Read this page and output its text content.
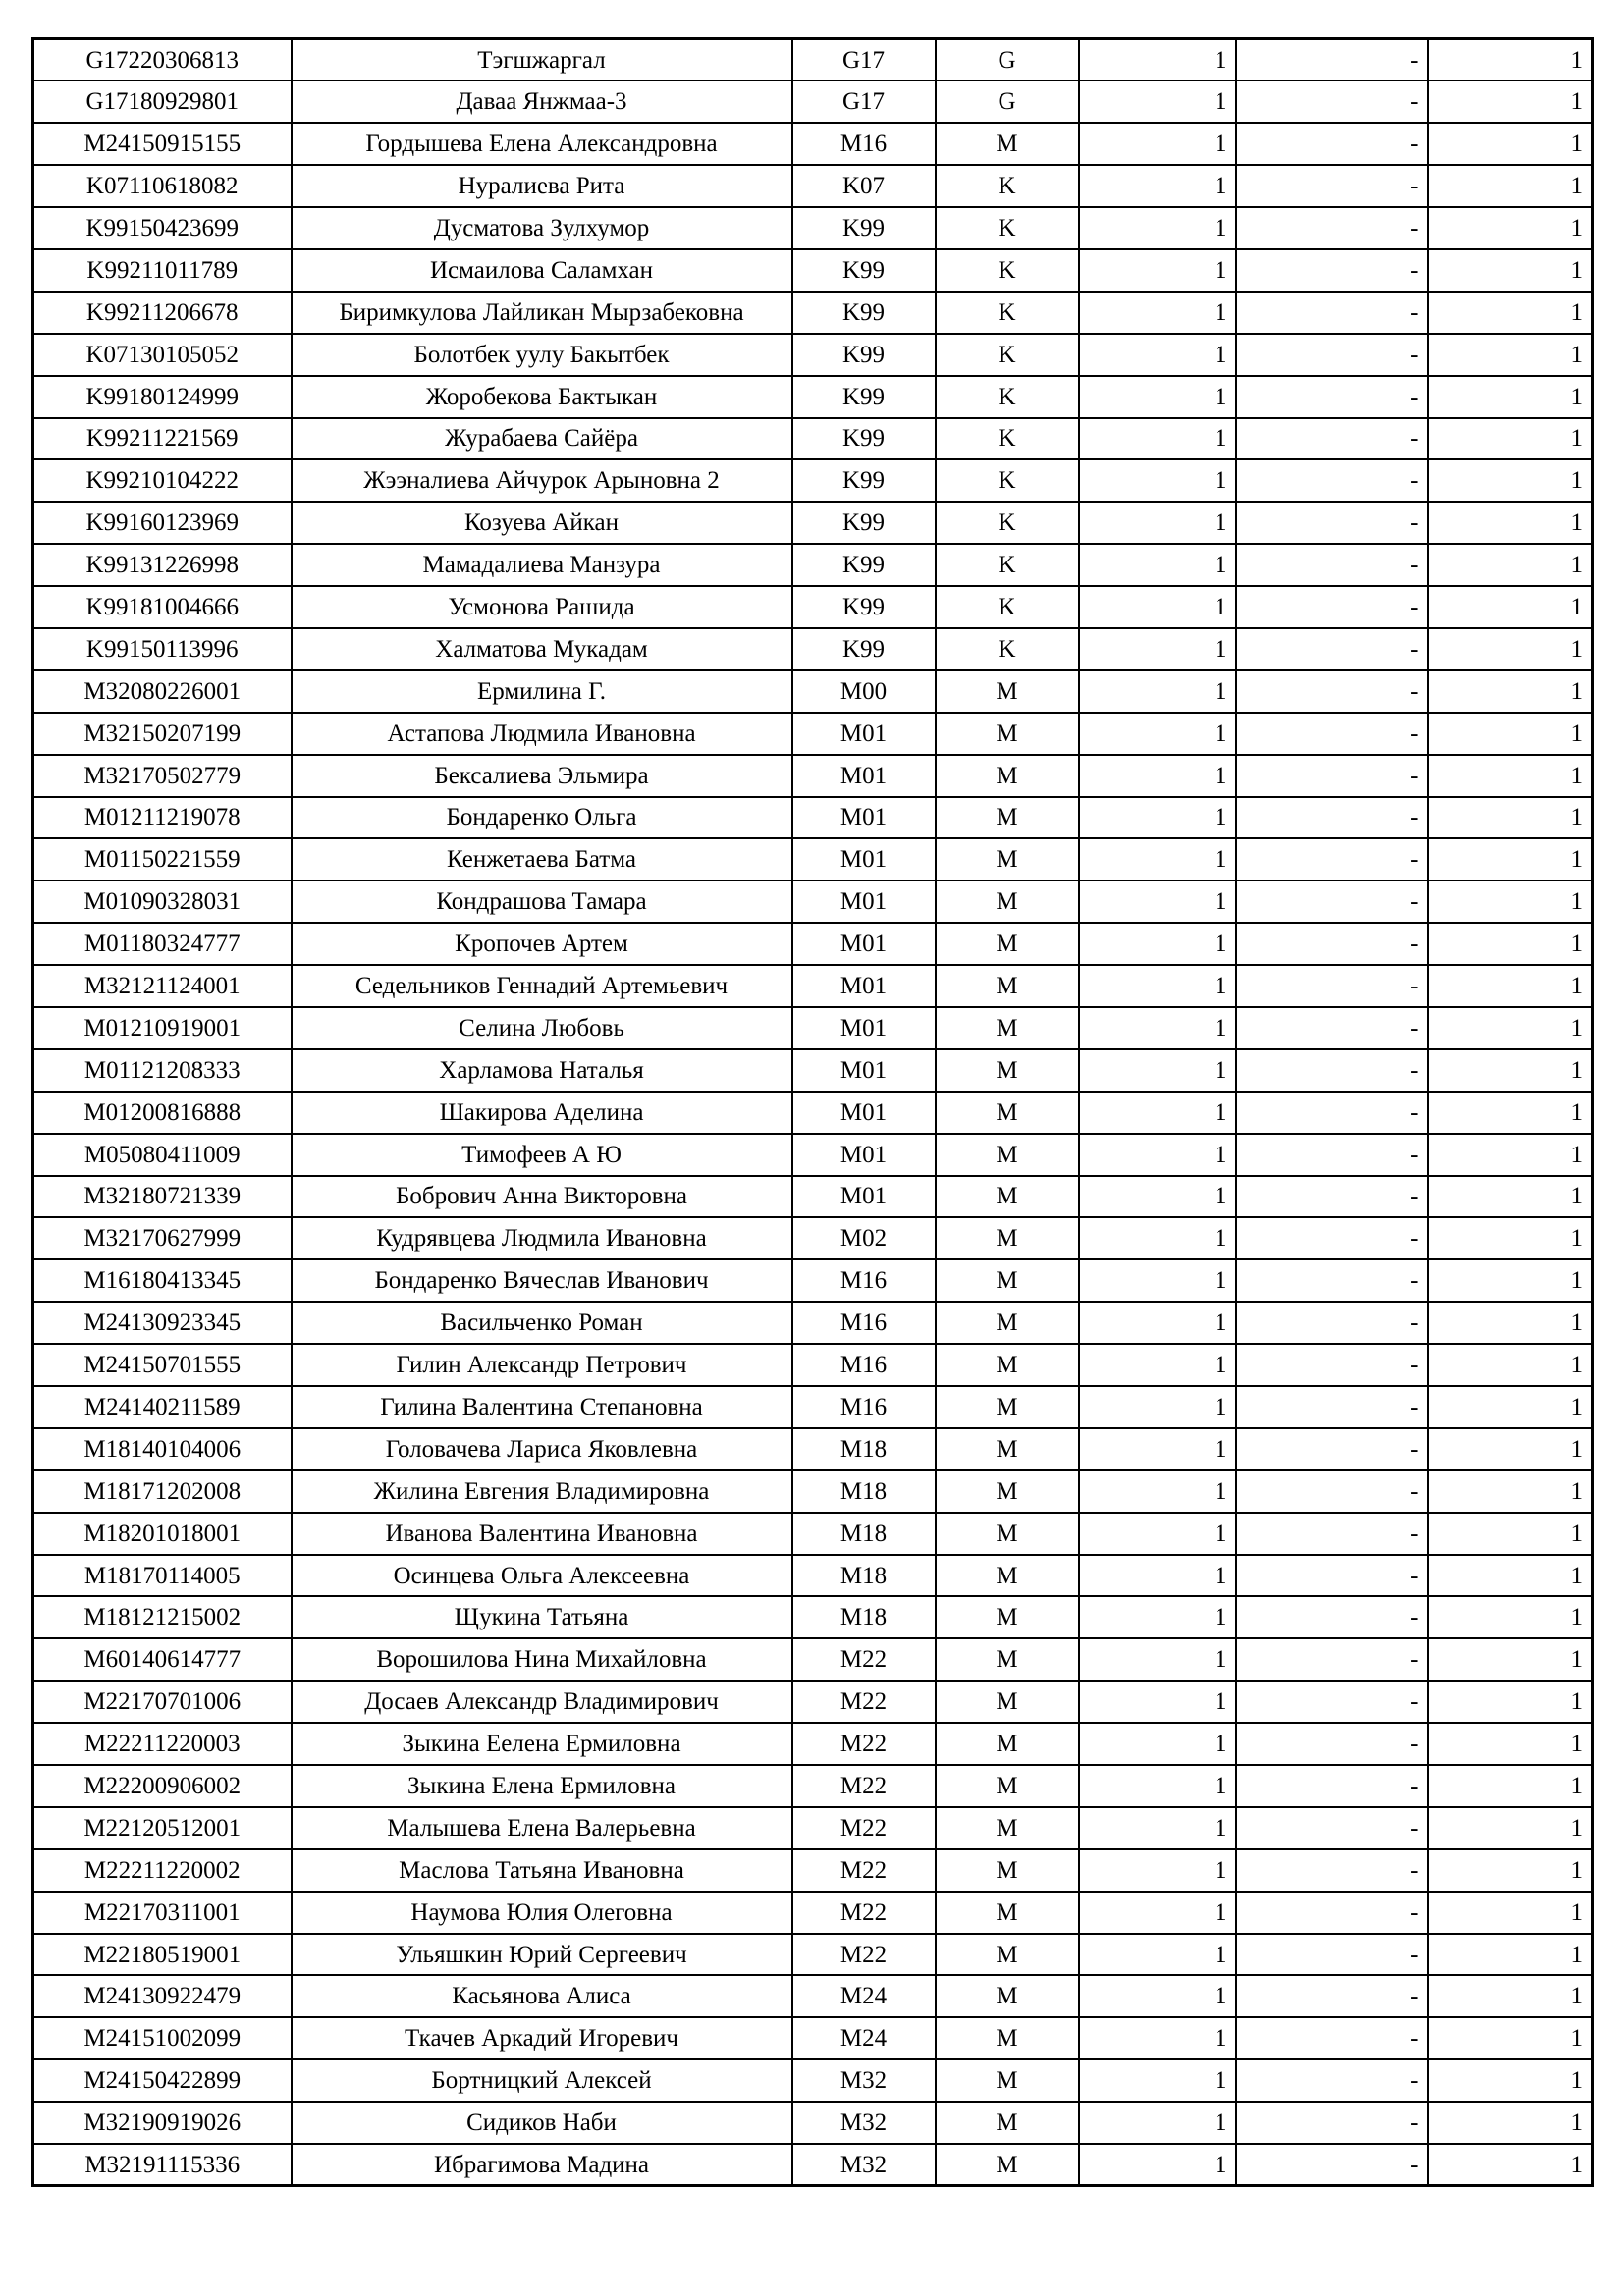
G17220306813	Тэгшжаргал	G17	G	1	-	1
G17180929801	Даваа Янжмаа-3	G17	G	1	-	1
M24150915155	Гордышева Елена Александровна	M16	M	1	-	1
K07110618082	Нуралиева Рита	K07	K	1	-	1
K99150423699	Дусматова Зулхумор	K99	K	1	-	1
K99211011789	Исмаилова Саламхан	K99	K	1	-	1
K99211206678	Биримкулова Лайликан Мырзабековна	K99	K	1	-	1
K07130105052	Болотбек уулу Бакытбек	K99	K	1	-	1
K99180124999	Жоробекова Бактыкан	K99	K	1	-	1
K99211221569	Журабаева Сайёра	K99	K	1	-	1
K99210104222	Жээналиева Айчурок Арыновна 2	K99	K	1	-	1
K99160123969	Козуева Айкан	K99	K	1	-	1
K99131226998	Мамадалиева Манзура	K99	K	1	-	1
K99181004666	Усмонова Рашида	K99	K	1	-	1
K99150113996	Халматова Мукадам	K99	K	1	-	1
M32080226001	Ермилина Г.	M00	M	1	-	1
M32150207199	Астапова Людмила Ивановна	M01	M	1	-	1
M32170502779	Бексалиева Эльмира	M01	M	1	-	1
M01211219078	Бондаренко Ольга	M01	M	1	-	1
M01150221559	Кенжетаева Батма	M01	M	1	-	1
M01090328031	Кондрашова Тамара	M01	M	1	-	1
M01180324777	Кропочев Артем	M01	M	1	-	1
M32121124001	Седельников Геннадий Артемьевич	M01	M	1	-	1
M01210919001	Селина Любовь	M01	M	1	-	1
M01121208333	Харламова Наталья	M01	M	1	-	1
M01200816888	Шакирова Аделина	M01	M	1	-	1
M05080411009	Тимофеев А Ю	M01	M	1	-	1
M32180721339	Бобрович Анна Викторовна	M01	M	1	-	1
M32170627999	Кудрявцева Людмила Ивановна	M02	M	1	-	1
M16180413345	Бондаренко Вячеслав Иванович	M16	M	1	-	1
M24130923345	Васильченко Роман	M16	M	1	-	1
M24150701555	Гилин Александр Петрович	M16	M	1	-	1
M24140211589	Гилина Валентина Степановна	M16	M	1	-	1
M18140104006	Головачева Лариса Яковлевна	M18	M	1	-	1
M18171202008	Жилина Евгения Владимировна	M18	M	1	-	1
M18201018001	Иванова Валентина Ивановна	M18	M	1	-	1
M18170114005	Осинцева Ольга Алексеевна	M18	M	1	-	1
M18121215002	Щукина Татьяна	M18	M	1	-	1
M60140614777	Ворошилова Нина Михайловна	M22	M	1	-	1
M22170701006	Досаев Александр Владимирович	M22	M	1	-	1
M22211220003	Зыкина Еелена Ермиловна	M22	M	1	-	1
M22200906002	Зыкина Елена Ермиловна	M22	M	1	-	1
M22120512001	Малышева Елена Валерьевна	M22	M	1	-	1
M22211220002	Маслова Татьяна Ивановна	M22	M	1	-	1
M22170311001	Наумова Юлия Олеговна	M22	M	1	-	1
M22180519001	Ульяшкин Юрий Сергеевич	M22	M	1	-	1
M24130922479	Касьянова Алиса	M24	M	1	-	1
M24151002099	Ткачев Аркадий Игоревич	M24	M	1	-	1
M24150422899	Бортницкий Алексей	M32	M	1	-	1
M32190919026	Сидиков Наби	M32	M	1	-	1
M32191115336	Ибрагимова Мадина	M32	M	1	-	1
